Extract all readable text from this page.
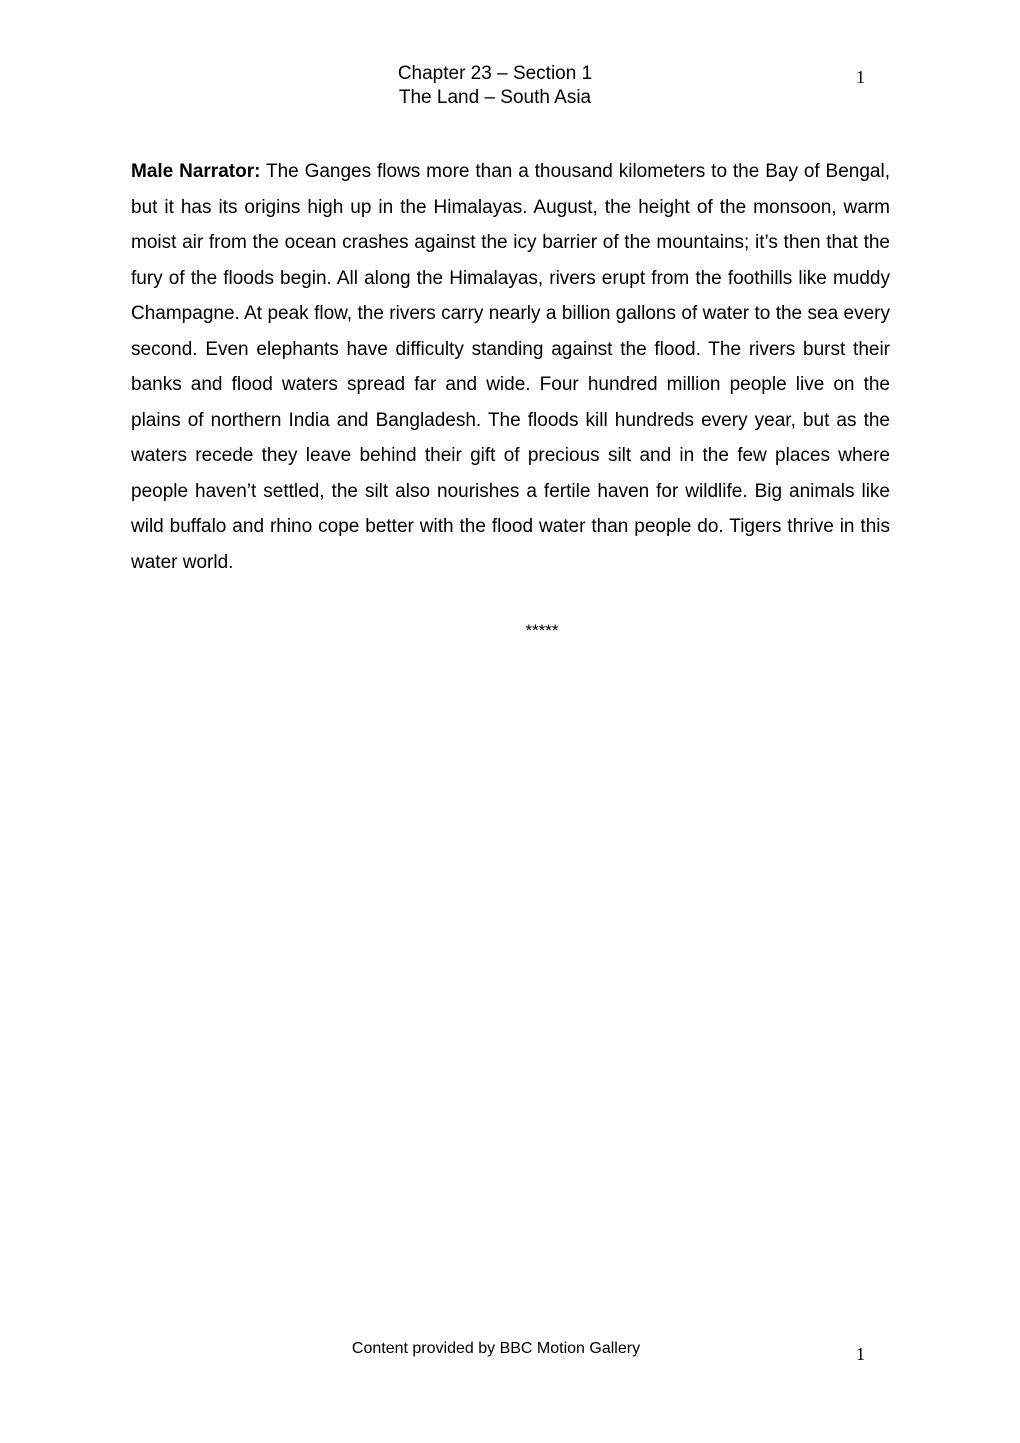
Chapter 23 – Section 1
The Land – South Asia
1

Male Narrator: The Ganges flows more than a thousand kilometers to the Bay of Bengal, but it has its origins high up in the Himalayas. August, the height of the monsoon, warm moist air from the ocean crashes against the icy barrier of the mountains; it’s then that the fury of the floods begin. All along the Himalayas, rivers erupt from the foothills like muddy Champagne. At peak flow, the rivers carry nearly a billion gallons of water to the sea every second. Even elephants have difficulty standing against the flood. The rivers burst their banks and flood waters spread far and wide. Four hundred million people live on the plains of northern India and Bangladesh. The floods kill hundreds every year, but as the waters recede they leave behind their gift of precious silt and in the few places where people haven’t settled, the silt also nourishes a fertile haven for wildlife. Big animals like wild buffalo and rhino cope better with the flood water than people do. Tigers thrive in this water world.

*****
Content provided by BBC Motion Gallery	1
